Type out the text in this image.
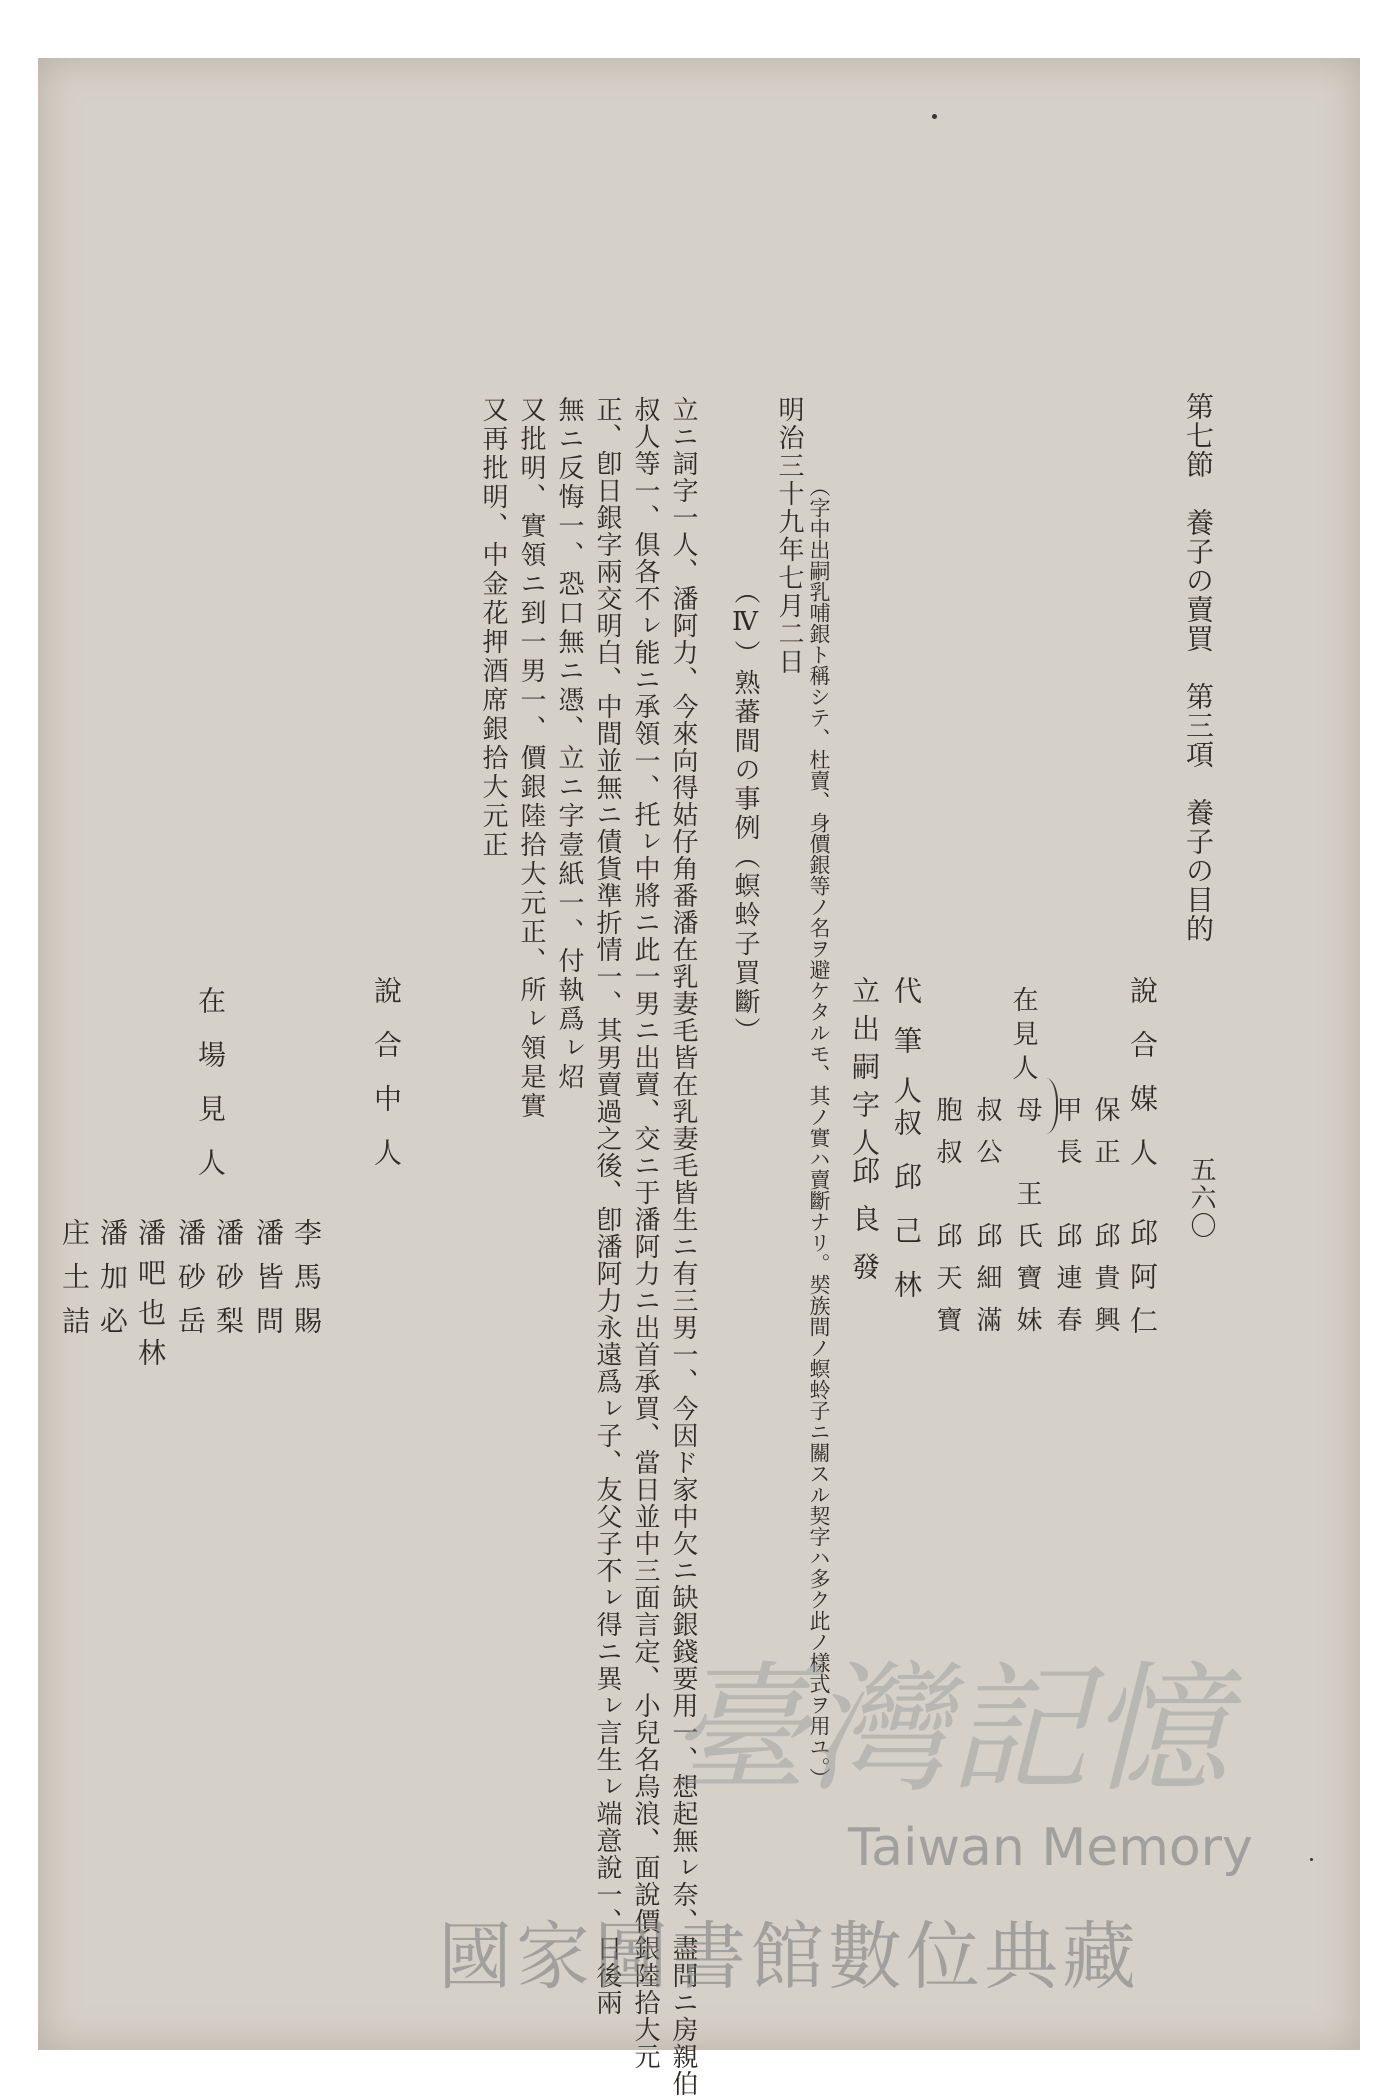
第七節　養子の賣買　第三項　養子の目的
五六〇
說合媒人
邱阿仁
保正　邱貴興
甲長　邱連春
母　王氏寶妹
在見人
叔公　邱細滿
胞叔　邱天寶
代筆人
叔邱己林
立出嗣字人
邱良發
（字中出嗣乳哺銀ト稱シテ、杜賣、身價銀等ノ名ヲ避ケタルモ、其ノ實ハ賣斷ナリ。𡘾族間ノ螟蛉子ニ關スル契字ハ多ク此ノ樣式ヲ用ユ。）
明治三十九年七月二日
（Ⅳ）熟蕃間の事例（螟蛉子買斷）
立ニ詞字一人、潘阿力、今來向得姑仔角番潘在乳妻毛皆在乳妻毛皆生ニ有三男一、今因ド家中欠ニ缺銀錢要用一、想起無ㇾ奈、盡問ニ房親伯
叔人等一、俱各不ㇾ能ニ承領一、托ㇾ中將ニ此一男ニ出賣、交ニ于潘阿力ニ出首承買、當日並中三面言定、小兒名烏浪、面說價銀陸拾大元
正、卽日銀字兩交明白、中間並無ニ債貨準折情一、其男賣過之後、卽潘阿力永遠爲ㇾ子、友父子不ㇾ得ニ異ㇾ言生ㇾ端意說一、日後兩
無ニ反悔一、恐口無ニ憑、立ニ字壹紙一、付執爲ㇾ炤
又批明、實領ニ到一男一、價銀陸拾大元正、所ㇾ領是實
又再批明、中金花押酒席銀拾大元正
說合中人
李馬賜
潘皆問
潘砂梨
潘砂岳
在場見人
潘吧也林
潘加必
庄土詰
臺灣記憶
Taiwan Memory
國家圖書館數位典藏
